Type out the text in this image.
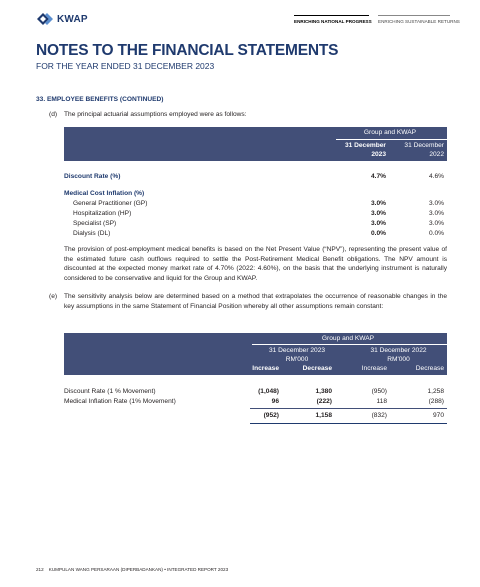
KWAP	ENRICHING NATIONAL PROGRESS ENRICHING SUSTAINABLE RETURNS
NOTES TO THE FINANCIAL STATEMENTS
FOR THE YEAR ENDED 31 DECEMBER 2023
33. EMPLOYEE BENEFITS (CONTINUED)
(d) The principal actuarial assumptions employed were as follows:
Group and KWAP
31 December
2023
31 December
2022
Discount Rate (%)	4.7%	4.6%
Medical Cost Inflation (%)
General Practitioner (GP)	3.0%	3.0%
Hospitalization (HP)	3.0%	3.0%
Specialist (SP)	3.0%	3.0%
Dialysis (DL)	0.0%	0.0%
The provision of post-employment medical benefits is based on the Net Present Value (“NPV”), representing the present value of the estimated future cash outflows required to settle the Post-Retirement Medical Benefit obligations. The NPV amount is discounted at the expected money market rate of 4.70% (2022: 4.60%), on the basis that the underlying instrument is naturally considered to be conservative and liquid for the Group and KWAP.
(e) The sensitivity analysis below are determined based on a method that extrapolates the occurrence of reasonable changes in the key assumptions in the same Statement of Financial Position whereby all other assumptions remain constant:
Group and KWAP
31 December 2023	31 December 2022
RM'000	RM'000
Increase	Decrease	Increase	Decrease
Discount Rate (1 % Movement)	(1,048)	1,380	(950)	1,258
Medical Inflation Rate (1% Movement)	96	(222)	118	(288)
(952)	1,158	(832)	970
212 KUMPULAN WANG PERSARAAN (DIPERBADANKAN) • INTEGRATED REPORT 2023
